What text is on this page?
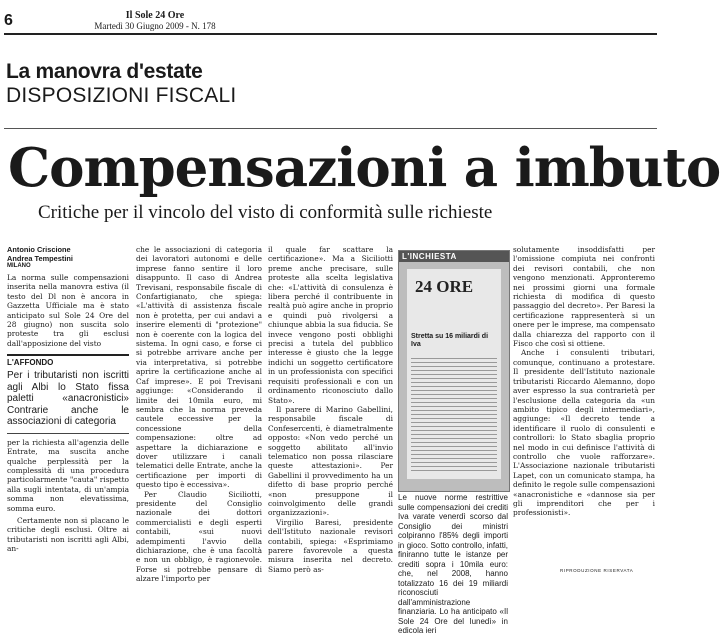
6	Il Sole 24 Ore
Martedì 30 Giugno 2009 - N. 178
La manovra d'estate
DISPOSIZIONI FISCALI
Compensazioni a imbuto
Critiche per il vincolo del visto di conformità sulle richieste
Antonio Criscione
Andrea Tempestini
MILANO

La norma sulle compensazioni inserita nella manovra estiva (il testo del Dl non è ancora in Gazzetta Ufficiale ma è stato anticipato sul Sole 24 Ore del 28 giugno) non suscita solo proteste tra gli esclusi dall'apposizione del visto

L'AFFONDO
Per i tributaristi non iscritti agli Albi lo Stato fissa paletti «anacronistici» Contrarie anche le associazioni di categoria

per la richiesta all'agenzia delle Entrate, ma suscita anche qualche perplessità per la complessità di una procedura particolarmente "cauta" rispetto alla sugli intentata, di un'ampia somma non elevatissima, somma euro.

Certamente non si placano le critiche degli esclusi. Oltre ai tributaristi non iscritti agli Albi, an-

che le associazioni di categoria dei lavoratori autonomi e delle imprese fanno sentire il loro disappunto. Il caso di Andrea Trevisani, responsabile fiscale di Confartigianato, che spiega: «L'attività di assistenza fiscale non è protetta, per cui andavi a inserire elementi di "protezione" non è coerente con la logica del sistema. In ogni caso, e forse ci si potrebbe arrivare anche per via interpretativa, si potrebbe aprire la certificazione anche al Caf imprese». E poi Trevisani aggiunge: «Considerando il limite dei 10mila euro, mi sembra che la norma preveda cautele eccessive per la concessione della compensazione: oltre ad aspettare la dichiarazione e dover utilizzare i canali telematici delle Entrate, anche la certificazione per importi di questo tipo è eccessiva».

Per Claudio Siciliotti, presidente del Consiglio nazionale dei dottori commercialisti e degli esperti contabili, «sui nuovi adempimenti l'avvio della dichiarazione, che è una facoltà e non un obbligo, è ragionevole. Forse si potrebbe pensare di alzare l'importo per

il quale far scattare la certificazione». Ma a Siciliotti preme anche precisare, sulle proteste alla scelta legislativa che: «L'attività di consulenza è libera perché il contribuente in realtà può agire anche in proprio e quindi può rivolgersi a chiunque abbia la sua fiducia. Se invece vengono posti obblighi precisi a tutela del pubblico interesse è giusto che la legge indichi un soggetto certificatore in un professionista con specifici requisiti professionali e con un ordinamento riconosciuto dallo Stato».

Il parere di Marino Gabellini, responsabile fiscale di Confesercenti, è diametralmente opposto: «Non vedo perché un soggetto abilitato all'invio telematico non possa rilasciare queste attestazioni». Per Gabellini il provvedimento ha un difetto di base proprio perché «non presuppone il coinvolgimento delle grandi organizzazioni».

Virgilio Baresi, presidente dell'Istituto nazionale revisori contabili, spiega: «Esprimiamo parere favorevole a questa misura inserita nel decreto. Siamo però as-

L'INCHIESTA
24 ORE
Stretta su 16 miliardi di Iva

Le nuove norme restrittive sulle compensazioni dei crediti Iva varate venerdì scorso dal Consiglio dei ministri colpiranno l'85% degli importi in gioco. Sotto controllo, infatti, finiranno tutte le istanze per crediti sopra i 10mila euro: che, nel 2008, hanno totalizzato 16 dei 19 miliardi riconosciuti dall'amministrazione finanziaria. Lo ha anticipato «Il Sole 24 Ore del lunedì» in edicola ieri

solutamente insoddisfatti per l'omissione compiuta nei confronti dei revisori contabili, che non vengono menzionati. Appronteremo nei prossimi giorni una formale richiesta di modifica di questo passaggio del decreto». Per Baresi la certificazione rappresenterà si un onere per le imprese, ma compensato dalla chiarezza del rapporto con il Fisco che così si ottiene.

Anche i consulenti tributari, comunque, continuano a protestare. Il presidente dell'Istituto nazionale tributaristi Riccardo Alemanno, dopo aver espresso la sua contrarietà per l'esclusione della categoria da «un ambito tipico degli intermediari», aggiunge: «Il decreto tende a identificare il ruolo di consulenti e controllori: lo Stato sbaglia proprio nel modo in cui definisce l'attività di controllo che vuole rafforzare». L'Associazione nazionale tributaristi Lapet, con un comunicato stampa, ha definito le regole sulle compensazioni «anacronistiche e «dannose sia per gli imprenditori che per i professionisti».

RIPRODUZIONE RISERVATA
